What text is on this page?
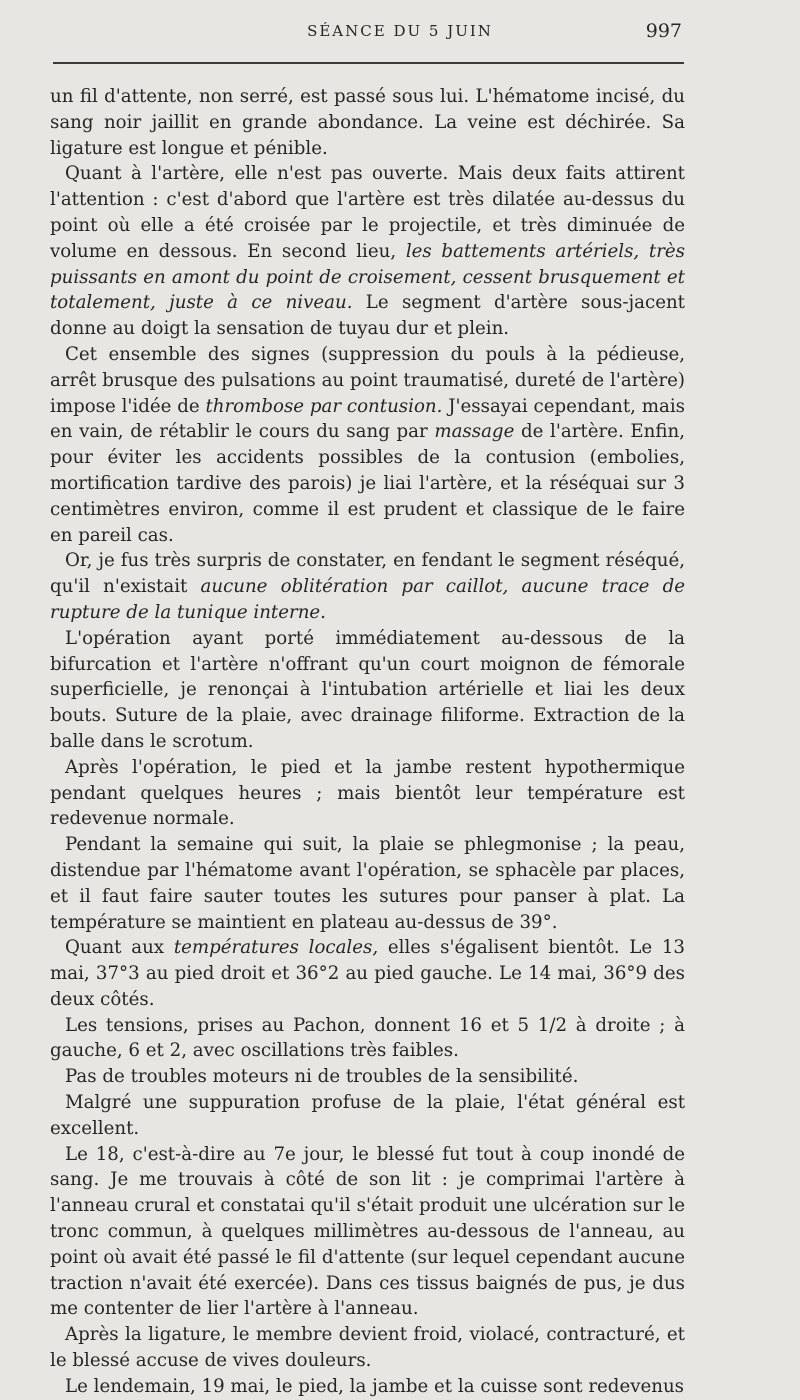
SÉANCE DU 5 JUIN	997

un fil d'attente, non serré, est passé sous lui. L'hématome incisé, du sang noir jaillit en grande abondance. La veine est déchirée. Sa ligature est longue et pénible.

Quant à l'artère, elle n'est pas ouverte. Mais deux faits attirent l'attention : c'est d'abord que l'artère est très dilatée au-dessus du point où elle a été croisée par le projectile, et très diminuée de volume en dessous. En second lieu, les battements artériels, très puissants en amont du point de croisement, cessent brusquement et totalement, juste à ce niveau. Le segment d'artère sous-jacent donne au doigt la sensation de tuyau dur et plein.

Cet ensemble des signes (suppression du pouls à la pédieuse, arrêt brusque des pulsations au point traumatisé, dureté de l'artère) impose l'idée de thrombose par contusion. J'essayai cependant, mais en vain, de rétablir le cours du sang par massage de l'artère. Enfin, pour éviter les accidents possibles de la contusion (embolies, mortification tardive des parois) je liai l'artère, et la réséquai sur 3 centimètres environ, comme il est prudent et classique de le faire en pareil cas.

Or, je fus très surpris de constater, en fendant le segment réséqué, qu'il n'existait aucune oblitération par caillot, aucune trace de rupture de la tunique interne.

L'opération ayant porté immédiatement au-dessous de la bifurcation et l'artère n'offrant qu'un court moignon de fémorale superficielle, je renonçai à l'intubation artérielle et liai les deux bouts. Suture de la plaie, avec drainage filiforme. Extraction de la balle dans le scrotum.

Après l'opération, le pied et la jambe restent hypothermique pendant quelques heures ; mais bientôt leur température est redevenue normale.

Pendant la semaine qui suit, la plaie se phlegmonise ; la peau, distendue par l'hématome avant l'opération, se sphacèle par places, et il faut faire sauter toutes les sutures pour panser à plat. La température se maintient en plateau au-dessus de 39°.

Quant aux températures locales, elles s'égalisent bientôt. Le 13 mai, 37°3 au pied droit et 36°2 au pied gauche. Le 14 mai, 36°9 des deux côtés.

Les tensions, prises au Pachon, donnent 16 et 5 1/2 à droite ; à gauche, 6 et 2, avec oscillations très faibles.

Pas de troubles moteurs ni de troubles de la sensibilité.

Malgré une suppuration profuse de la plaie, l'état général est excellent.

Le 18, c'est-à-dire au 7e jour, le blessé fut tout à coup inondé de sang. Je me trouvais à côté de son lit : je comprimai l'artère à l'anneau crural et constatai qu'il s'était produit une ulcération sur le tronc commun, à quelques millimètres au-dessous de l'anneau, au point où avait été passé le fil d'attente (sur lequel cependant aucune traction n'avait été exercée). Dans ces tissus baignés de pus, je dus me contenter de lier l'artère à l'anneau.

Après la ligature, le membre devient froid, violacé, contracturé, et le blessé accuse de vives douleurs.

Le lendemain, 19 mai, le pied, la jambe et la cuisse sont redevenus
